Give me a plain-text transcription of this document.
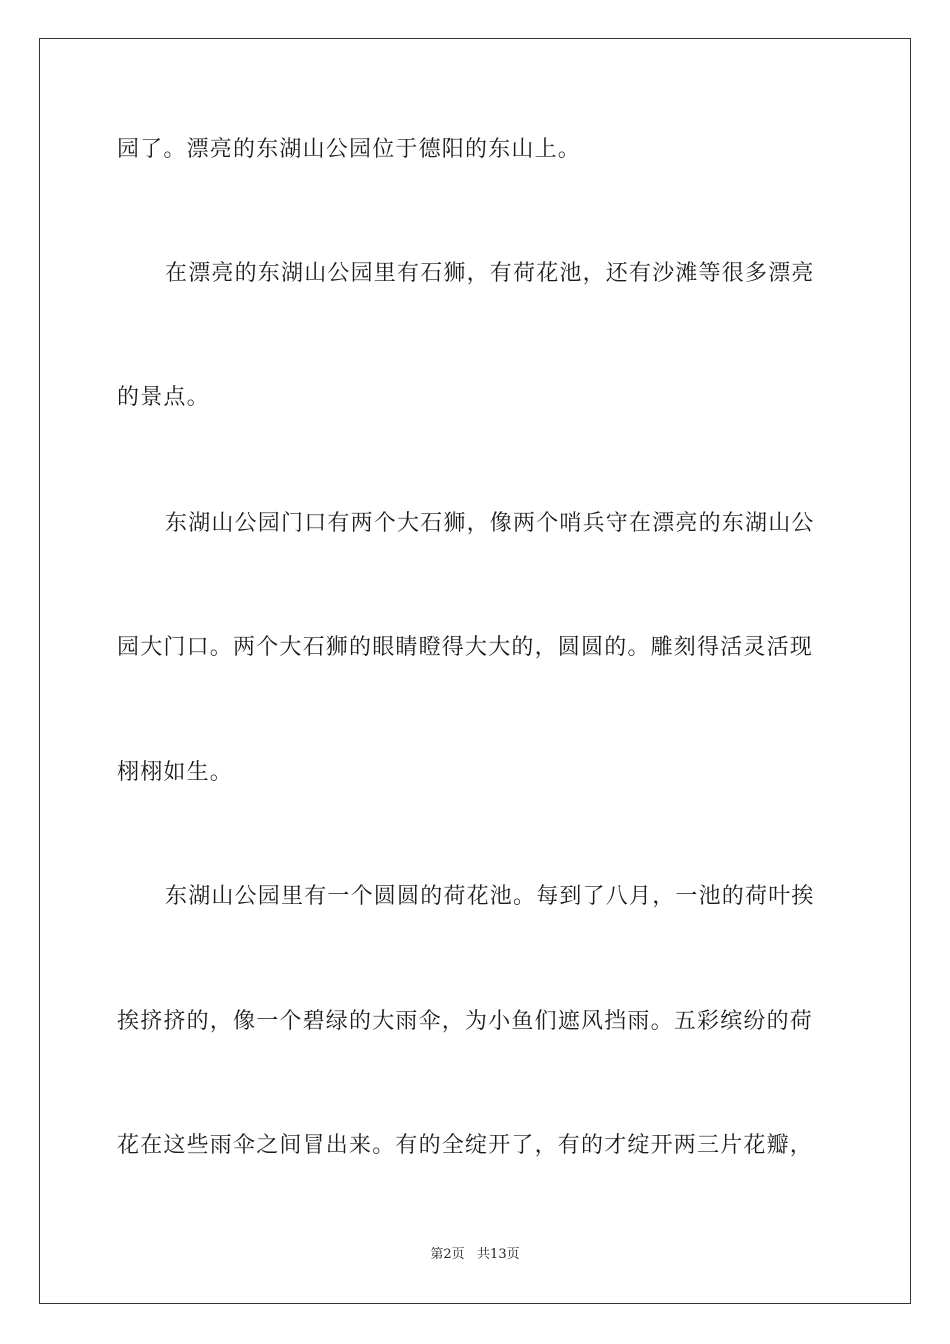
园了。漂亮的东湖山公园位于德阳的东山上。

在漂亮的东湖山公园里有石狮，有荷花池，还有沙滩等很多漂亮

的景点。

东湖山公园门口有两个大石狮，像两个哨兵守在漂亮的东湖山公

园大门口。两个大石狮的眼睛瞪得大大的，圆圆的。雕刻得活灵活现

栩栩如生。

东湖山公园里有一个圆圆的荷花池。每到了八月，一池的荷叶挨

挨挤挤的，像一个碧绿的大雨伞，为小鱼们遮风挡雨。五彩缤纷的荷

花在这些雨伞之间冒出来。有的全绽开了，有的才绽开两三片花瓣，

第2页   共13页
